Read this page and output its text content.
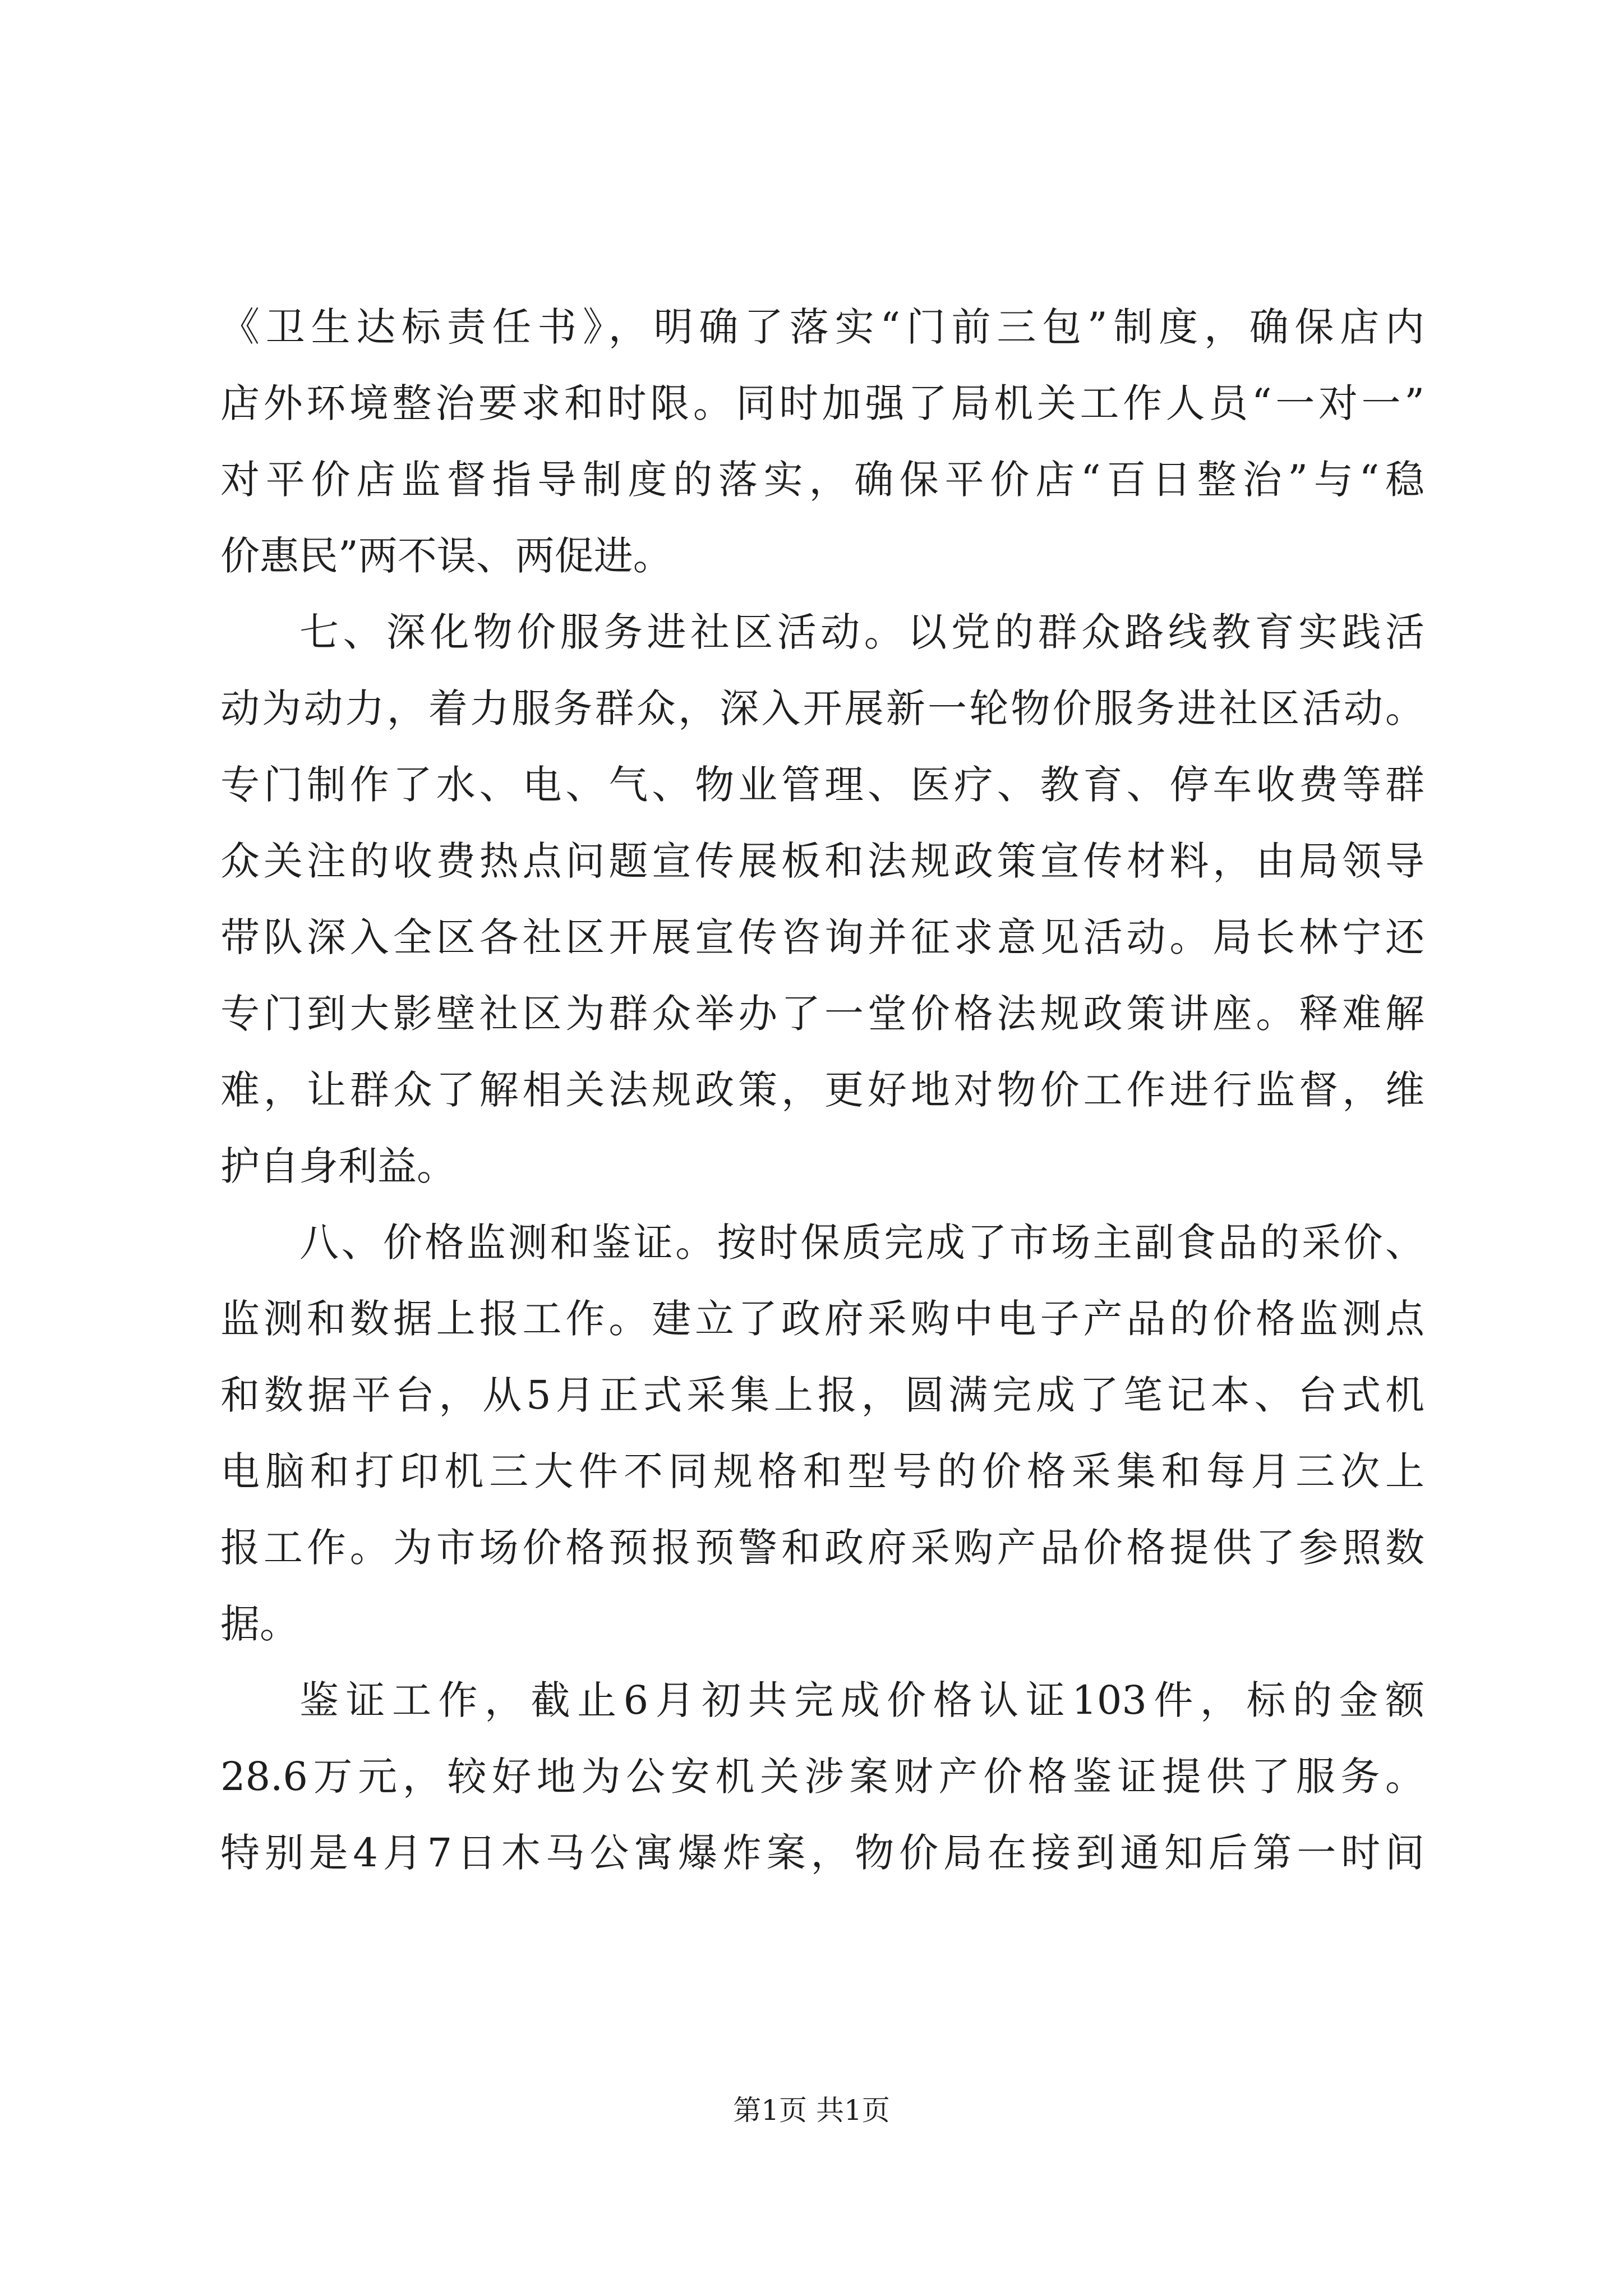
《卫生达标责任书》，明确了落实“门前三包”制度，确保店内
店外环境整治要求和时限。同时加强了局机关工作人员“一对一”
对平价店监督指导制度的落实，确保平价店“百日整治”与“稳
价惠民”两不误、两促进。
七、深化物价服务进社区活动。以党的群众路线教育实践活
动为动力，着力服务群众，深入开展新一轮物价服务进社区活动。
专门制作了水、电、气、物业管理、医疗、教育、停车收费等群
众关注的收费热点问题宣传展板和法规政策宣传材料，由局领导
带队深入全区各社区开展宣传咨询并征求意见活动。局长林宁还
专门到大影壁社区为群众举办了一堂价格法规政策讲座。释难解
难，让群众了解相关法规政策，更好地对物价工作进行监督，维
护自身利益。
八、价格监测和鉴证。按时保质完成了市场主副食品的采价、
监测和数据上报工作。建立了政府采购中电子产品的价格监测点
和数据平台，从5月正式采集上报，圆满完成了笔记本、台式机
电脑和打印机三大件不同规格和型号的价格采集和每月三次上
报工作。为市场价格预报预警和政府采购产品价格提供了参照数
据。
鉴证工作，截止6月初共完成价格认证103件，标的金额
28.6万元，较好地为公安机关涉案财产价格鉴证提供了服务。
特别是4月7日木马公寓爆炸案，物价局在接到通知后第一时间
第1页 共1页
